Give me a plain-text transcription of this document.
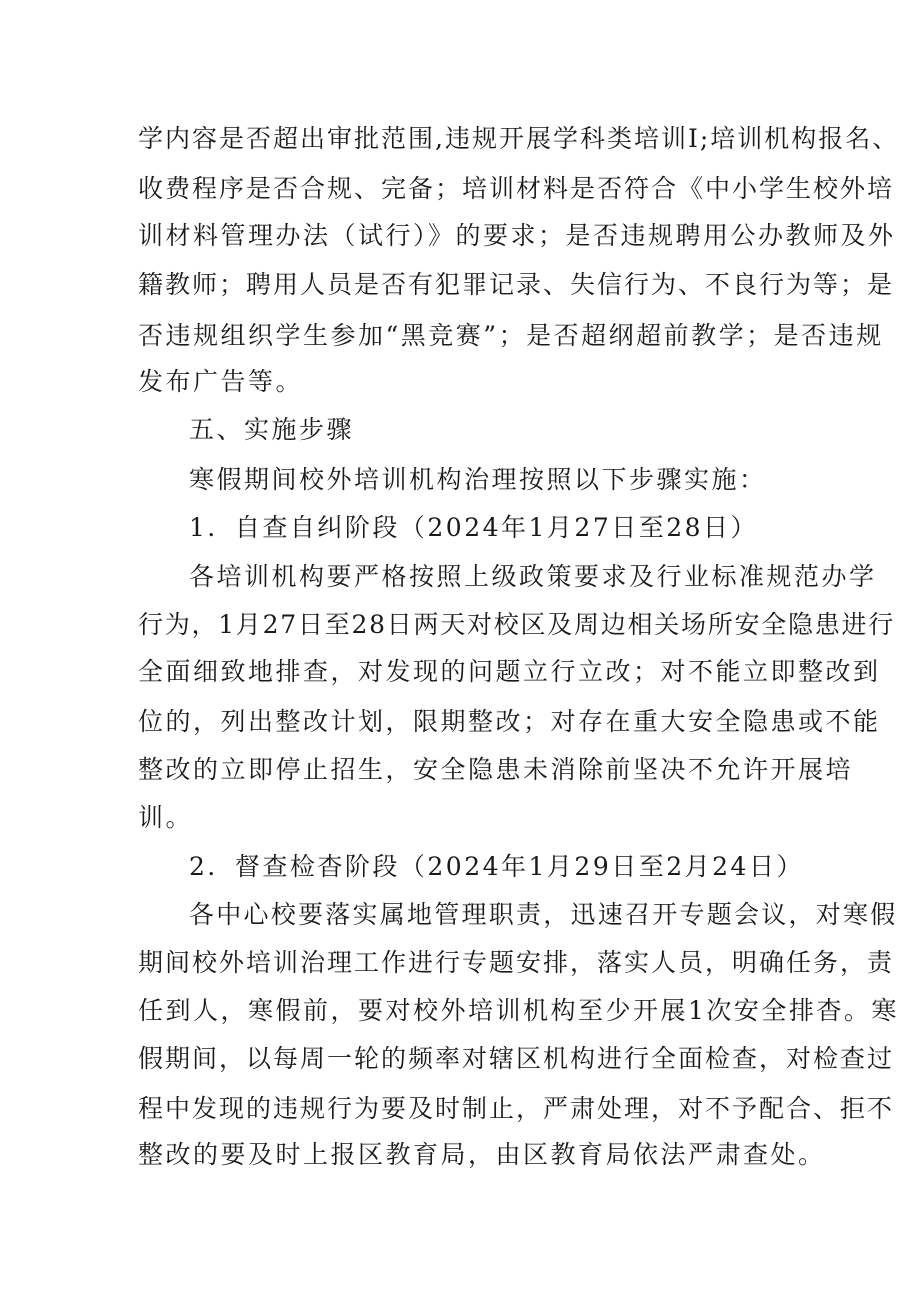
学内容是否超出审批范围,违规开展学科类培训I;培训机构报名、
收费程序是否合规、完备；培训材料是否符合《中小学生校外培
训材料管理办法（试行）》的要求；是否违规聘用公办教师及外
籍教师；聘用人员是否有犯罪记录、失信行为、不良行为等；是
否违规组织学生参加“黑竞赛”；是否超纲超前教学；是否违规
发布广告等。
五、实施步骤
寒假期间校外培训机构治理按照以下步骤实施：
1．自查自纠阶段（2024年1月27日至28日）
各培训机构要严格按照上级政策要求及行业标准规范办学
行为，1月27日至28日两天对校区及周边相关场所安全隐患进行
全面细致地排查，对发现的问题立行立改；对不能立即整改到
位的，列出整改计划，限期整改；对存在重大安全隐患或不能
整改的立即停止招生，安全隐患未消除前坚决不允许开展培
训。
2．督查检杳阶段（2024年1月29日至2月24日）
各中心校要落实属地管理职责，迅速召开专题会议，对寒假
期间校外培训治理工作进行专题安排，落实人员，明确任务，责
任到人，寒假前，要对校外培训机构至少开展1次安全排杳。寒
假期间，以每周一轮的频率对辖区机构进行全面检查，对检查过
程中发现的违规行为要及时制止，严肃处理，对不予配合、拒不
整改的要及时上报区教育局，由区教育局依法严肃查处。
